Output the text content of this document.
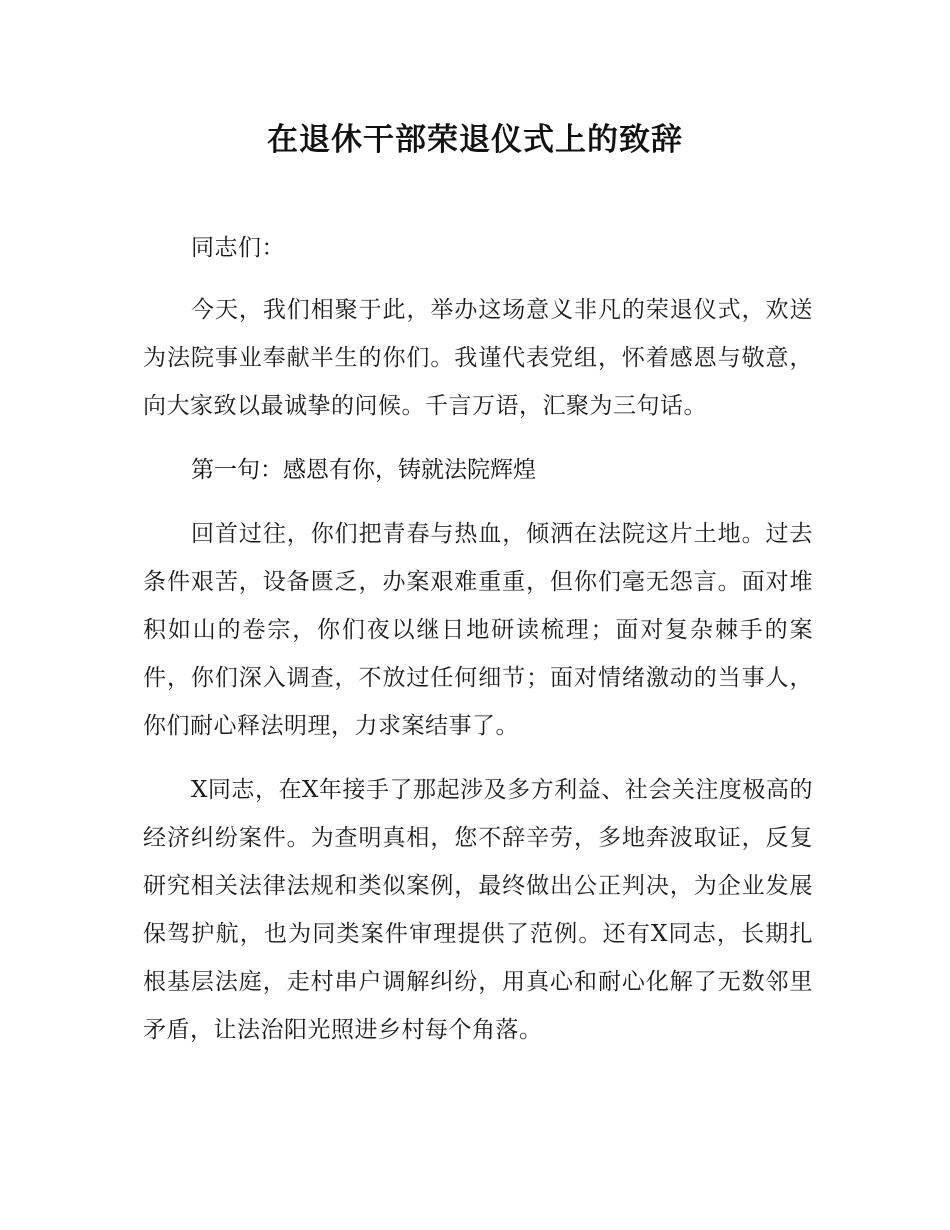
在退休干部荣退仪式上的致辞

同志们：

今天，我们相聚于此，举办这场意义非凡的荣退仪式，欢送为法院事业奉献半生的你们。我谨代表党组，怀着感恩与敬意，向大家致以最诚挚的问候。千言万语，汇聚为三句话。

第一句：感恩有你，铸就法院辉煌

回首过往，你们把青春与热血，倾洒在法院这片土地。过去条件艰苦，设备匮乏，办案艰难重重，但你们毫无怨言。面对堆积如山的卷宗，你们夜以继日地研读梳理；面对复杂棘手的案件，你们深入调查，不放过任何细节；面对情绪激动的当事人，你们耐心释法明理，力求案结事了。

X同志，在X年接手了那起涉及多方利益、社会关注度极高的经济纠纷案件。为查明真相，您不辞辛劳，多地奔波取证，反复研究相关法律法规和类似案例，最终做出公正判决，为企业发展保驾护航，也为同类案件审理提供了范例。还有X同志，长期扎根基层法庭，走村串户调解纠纷，用真心和耐心化解了无数邻里矛盾，让法治阳光照进乡村每个角落。
